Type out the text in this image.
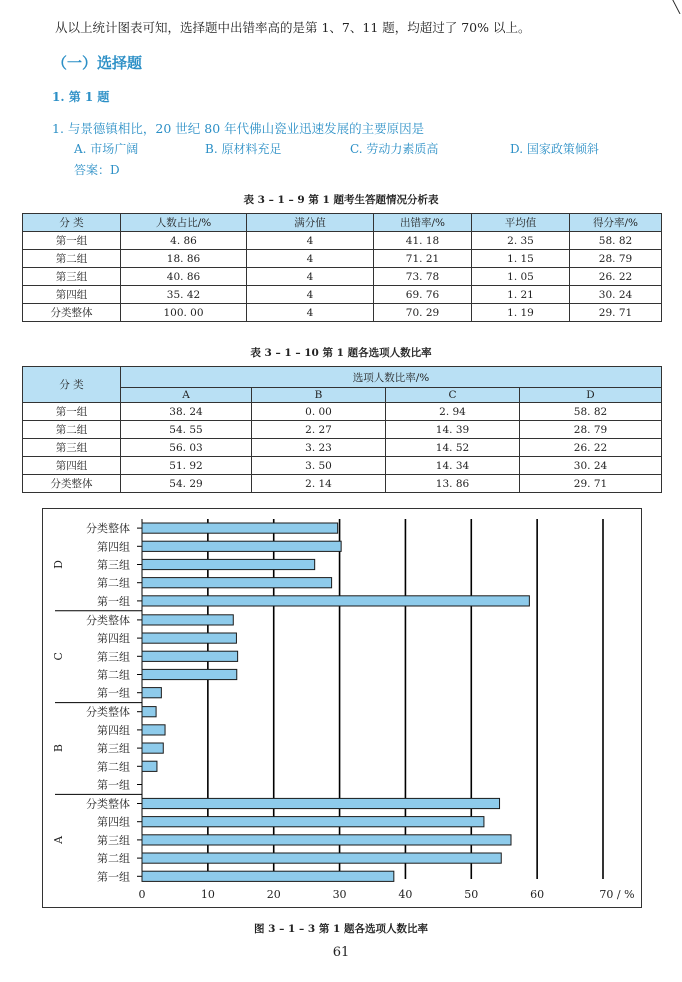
从以上统计图表可知，选择题中出错率高的是第 1、7、11 题，均超过了 70% 以上。
（一）选择题
1. 第 1 题
1. 与景德镇相比，20 世纪 80 年代佛山瓷业迅速发展的主要原因是
A. 市场广阔	B. 原材料充足	C. 劳动力素质高	D. 国家政策倾斜
答案：D
表 3 – 1 – 9 第 1 题考生答题情况分析表
分 类	人数占比/%	满分值	出错率/%	平均值	得分率/%
第一组	4. 86	4	41. 18	2. 35	58. 82
第二组	18. 86	4	71. 21	1. 15	28. 79
第三组	40. 86	4	73. 78	1. 05	26. 22
第四组	35. 42	4	69. 76	1. 21	30. 24
分类整体	100. 00	4	70. 29	1. 19	29. 71
表 3 – 1 – 10 第 1 题各选项人数比率
分 类	选项人数比率/%			
	A	B	C	D
第一组	38. 24	0. 00	2. 94	58. 82
第二组	54. 55	2. 27	14. 39	28. 79
第三组	56. 03	3. 23	14. 52	26. 22
第四组	51. 92	3. 50	14. 34	30. 24
分类整体	54. 29	2. 14	13. 86	29. 71
0	10	20	30	40	50	60	70 / %
D
分类整体
第四组
第三组
第二组
第一组
C
分类整体
第四组
第三组
第二组
第一组
B
分类整体
第四组
第三组
第二组
第一组
A
分类整体
第四组
第三组
第二组
第一组
图 3 – 1 – 3 第 1 题各选项人数比率
61
╲
